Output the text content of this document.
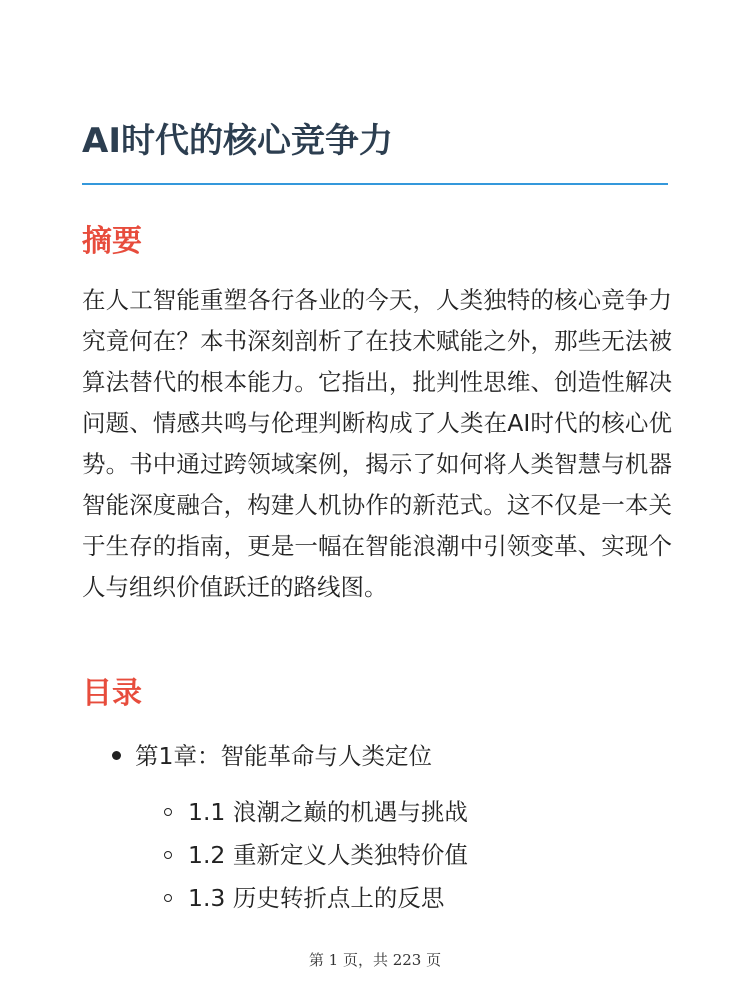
AI时代的核心竞争力
摘要

在人工智能重塑各行各业的今天，人类独特的核心竞争力究竟何在？本书深刻剖析了在技术赋能之外，那些无法被算法替代的根本能力。它指出，批判性思维、创造性解决问题、情感共鸣与伦理判断构成了人类在AI时代的核心优势。书中通过跨领域案例，揭示了如何将人类智慧与机器智能深度融合，构建人机协作的新范式。这不仅是一本关于生存的指南，更是一幅在智能浪潮中引领变革、实现个人与组织价值跃迁的路线图。

目录
第1章：智能革命与人类定位
1.1 浪潮之巅的机遇与挑战
1.2 重新定义人类独特价值
1.3 历史转折点上的反思
第 1 页，共 223 页
